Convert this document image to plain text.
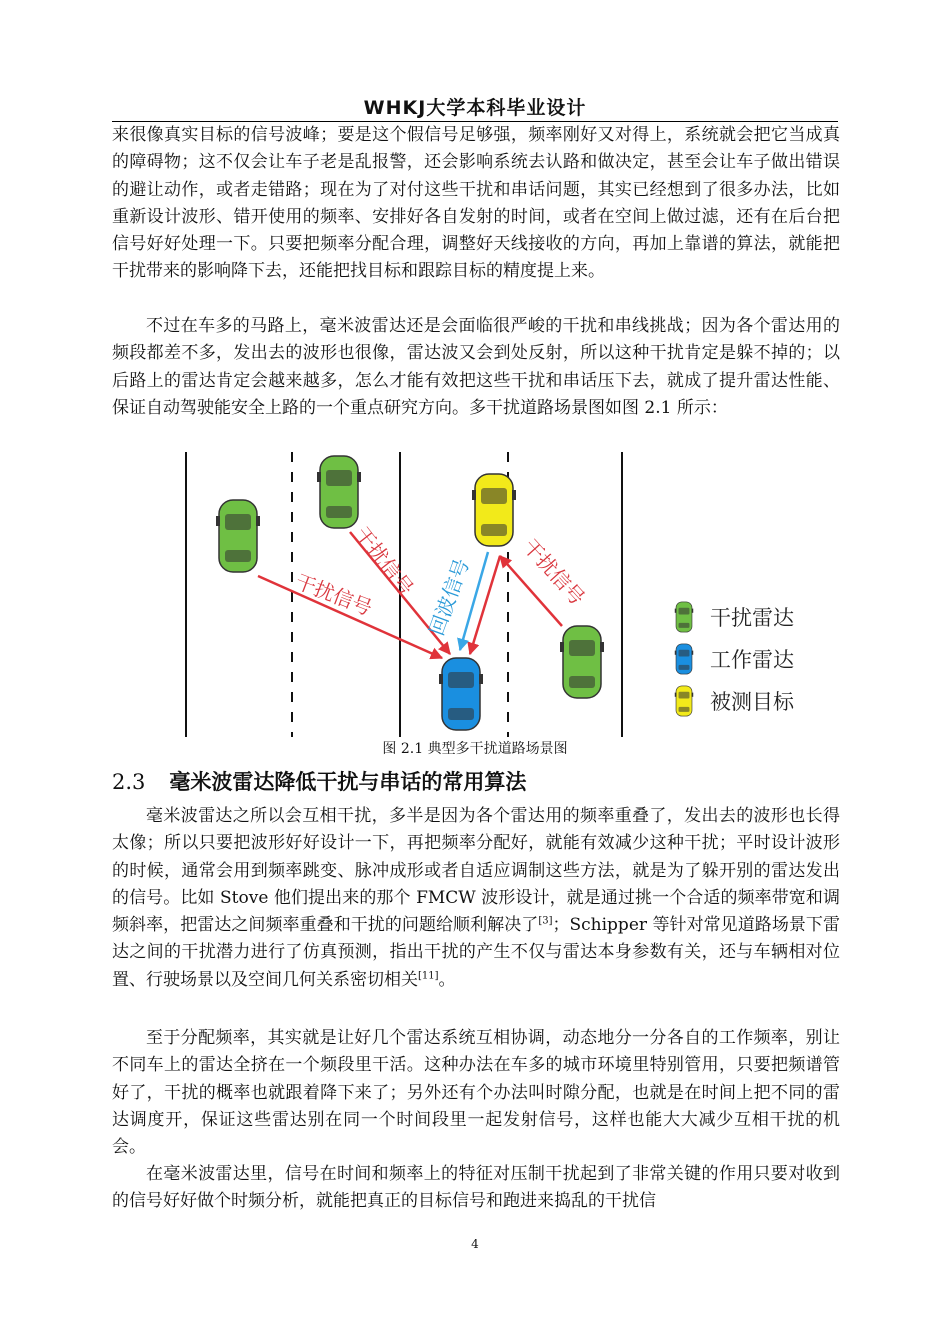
WHKJ大学本科毕业设计

来很像真实目标的信号波峰；要是这个假信号足够强，频率刚好又对得上，系统就会把它当成真的障碍物；这不仅会让车子老是乱报警，还会影响系统去认路和做决定，甚至会让车子做出错误的避让动作，或者走错路；现在为了对付这些干扰和串话问题，其实已经想到了很多办法，比如重新设计波形、错开使用的频率、安排好各自发射的时间，或者在空间上做过滤，还有在后台把信号好好处理一下。只要把频率分配合理，调整好天线接收的方向，再加上靠谱的算法，就能把干扰带来的影响降下去，还能把找目标和跟踪目标的精度提上来。

不过在车多的马路上，毫米波雷达还是会面临很严峻的干扰和串线挑战；因为各个雷达用的频段都差不多，发出去的波形也很像，雷达波又会到处反射，所以这种干扰肯定是躲不掉的；以后路上的雷达肯定会越来越多，怎么才能有效把这些干扰和串话压下去，就成了提升雷达性能、保证自动驾驶能安全上路的一个重点研究方向。多干扰道路场景图如图 2.1 所示：

干扰信号
干扰信号 回波信号 干扰信号
干扰雷达
工作雷达
被测目标
图 2.1 典型多干扰道路场景图
2.3 毫米波雷达降低干扰与串话的常用算法

毫米波雷达之所以会互相干扰，多半是因为各个雷达用的频率重叠了，发出去的波形也长得太像；所以只要把波形好好设计一下，再把频率分配好，就能有效减少这种干扰；平时设计波形的时候，通常会用到频率跳变、脉冲成形或者自适应调制这些方法，就是为了躲开别的雷达发出的信号。比如 Stove 他们提出来的那个 FMCW 波形设计，就是通过挑一个合适的频率带宽和调频斜率，把雷达之间频率重叠和干扰的问题给顺利解决了[3]；Schipper 等针对常见道路场景下雷达之间的干扰潜力进行了仿真预测，指出干扰的产生不仅与雷达本身参数有关，还与车辆相对位置、行驶场景以及空间几何关系密切相关[11]。

至于分配频率，其实就是让好几个雷达系统互相协调，动态地分一分各自的工作频率，别让不同车上的雷达全挤在一个频段里干活。这种办法在车多的城市环境里特别管用，只要把频谱管好了，干扰的概率也就跟着降下来了；另外还有个办法叫时隙分配，也就是在时间上把不同的雷达调度开，保证这些雷达别在同一个时间段里一起发射信号，这样也能大大减少互相干扰的机会。

在毫米波雷达里，信号在时间和频率上的特征对压制干扰起到了非常关键的作用只要对收到的信号好好做个时频分析，就能把真正的目标信号和跑进来捣乱的干扰信

4
